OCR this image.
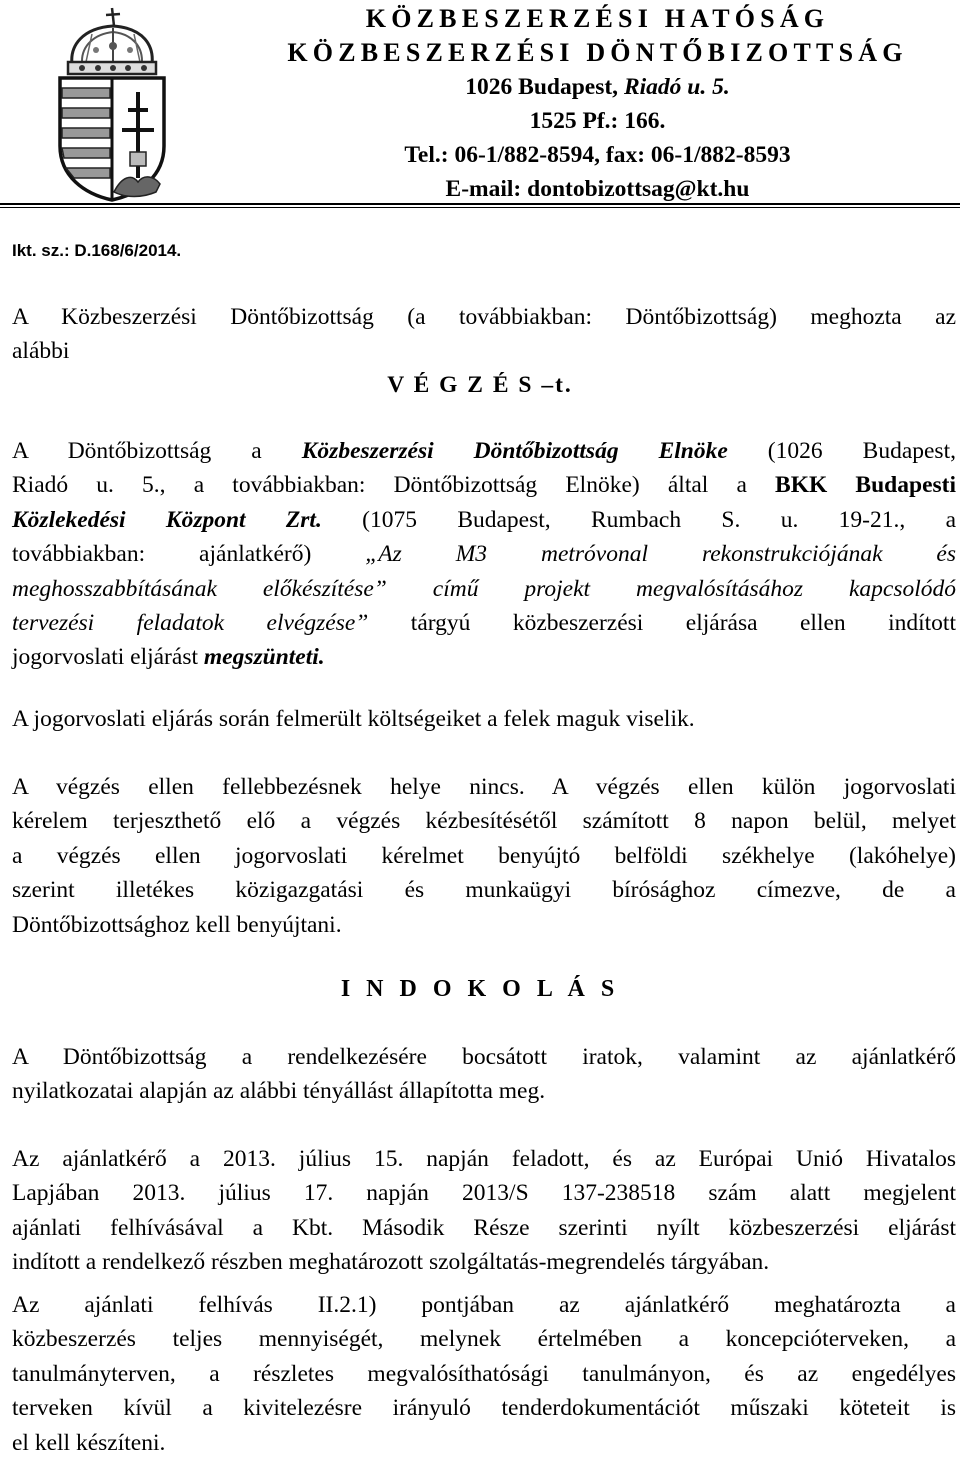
KÖZBESZERZÉSI HATÓSÁG
KÖZBESZERZÉSI DÖNTŐBIZOTTSÁG
1026 Budapest, Riadó u. 5.
1525 Pf.: 166.
Tel.: 06-1/882-8594, fax: 06-1/882-8593
E-mail: dontobizottsag@kt.hu
Ikt. sz.: D.168/6/2014.

A Közbeszerzési Döntőbizottság (a továbbiakban: Döntőbizottság) meghozta az

alábbi

V É G Z É S –t.

A Döntőbizottság a Közbeszerzési Döntőbizottság Elnöke (1026 Budapest,

Riadó u. 5., a továbbiakban: Döntőbizottság Elnöke) által a BKK Budapesti

Közlekedési Központ Zrt. (1075 Budapest, Rumbach S. u. 19-21., a

továbbiakban: ajánlatkérő) „Az M3 metróvonal rekonstrukciójának és

meghosszabbításának előkészítése” című projekt megvalósításához kapcsolódó

tervezési feladatok elvégzése” tárgyú közbeszerzési eljárása ellen indított

jogorvoslati eljárást megszünteti.

A jogorvoslati eljárás során felmerült költségeiket a felek maguk viselik.

A végzés ellen fellebbezésnek helye nincs. A végzés ellen külön jogorvoslati

kérelem terjeszthető elő a végzés kézbesítésétől számított 8 napon belül, melyet

a végzés ellen jogorvoslati kérelmet benyújtó belföldi székhelye (lakóhelye)

szerint illetékes közigazgatási és munkaügyi bírósághoz címezve, de a

Döntőbizottsághoz kell benyújtani.

I N D O K O L Á S

A Döntőbizottság a rendelkezésére bocsátott iratok, valamint az ajánlatkérő

nyilatkozatai alapján az alábbi tényállást állapította meg.

Az ajánlatkérő a 2013. július 15. napján feladott, és az Európai Unió Hivatalos

Lapjában 2013. július 17. napján 2013/S 137-238518 szám alatt megjelent

ajánlati felhívásával a Kbt. Második Része szerinti nyílt közbeszerzési eljárást

indított a rendelkező részben meghatározott szolgáltatás-megrendelés tárgyában.

Az ajánlati felhívás II.2.1) pontjában az ajánlatkérő meghatározta a

közbeszerzés teljes mennyiségét, melynek értelmében a koncepcióterveken, a

tanulmányterven, a részletes megvalósíthatósági tanulmányon, és az engedélyes

terveken kívül a kivitelezésre irányuló tenderdokumentációt műszaki köteteit is

el kell készíteni.
